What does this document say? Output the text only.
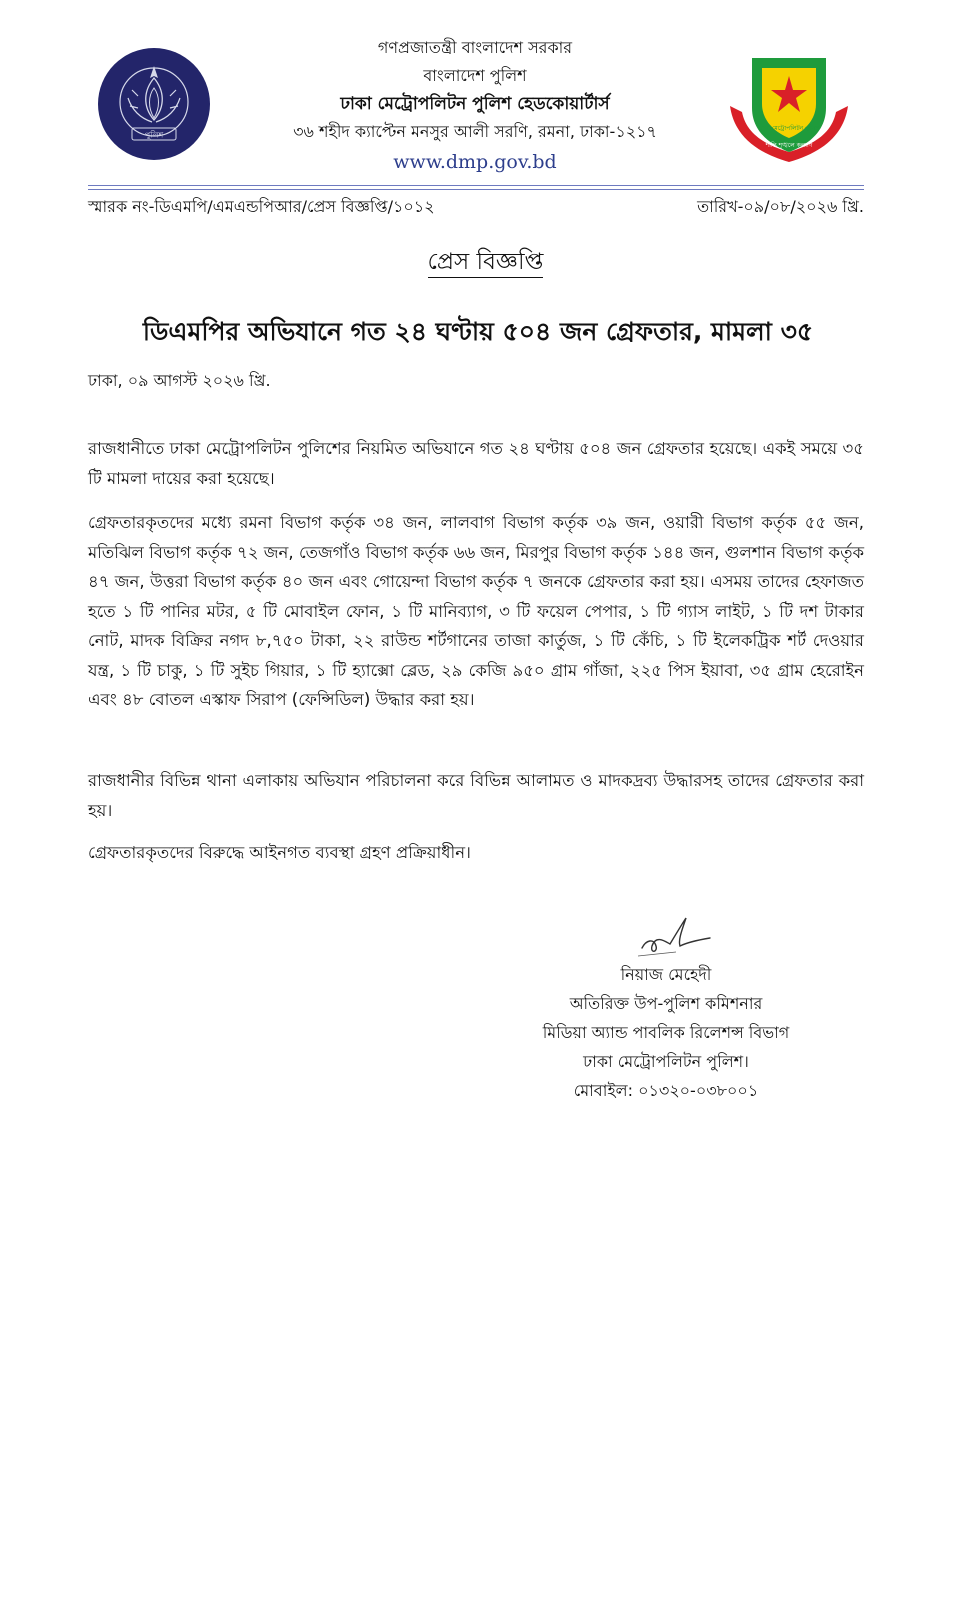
পুলিশ
গণপ্রজাতন্ত্রী বাংলাদেশ সরকার
বাংলাদেশ পুলিশ
ঢাকা মেট্রোপলিটন পুলিশ হেডকোয়ার্টার্স
৩৬ শহীদ ক্যাপ্টেন মনসুর আলী সরণি, রমনা, ঢাকা-১২১৭
www.dmp.gov.bd
ঢাকা মেট্রোপলিটন পুলিশ
শান্তি শৃঙ্খলে কল্যাণ
স্মারক নং-ডিএমপি/এমএন্ডপিআর/প্রেস বিজ্ঞপ্তি/১০১২	তারিখ-০৯/০৮/২০২৬ খ্রি.
প্রেস বিজ্ঞপ্তি
ডিএমপির অভিযানে গত ২৪ ঘণ্টায় ৫০৪ জন গ্রেফতার, মামলা ৩৫
ঢাকা, ০৯ আগস্ট ২০২৬ খ্রি.
রাজধানীতে ঢাকা মেট্রোপলিটন পুলিশের নিয়মিত অভিযানে গত ২৪ ঘণ্টায় ৫০৪ জন গ্রেফতার হয়েছে। একই সময়ে ৩৫ টি মামলা দায়ের করা হয়েছে।
গ্রেফতারকৃতদের মধ্যে রমনা বিভাগ কর্তৃক ৩৪ জন, লালবাগ বিভাগ কর্তৃক ৩৯ জন, ওয়ারী বিভাগ কর্তৃক ৫৫ জন, মতিঝিল বিভাগ কর্তৃক ৭২ জন, তেজগাঁও বিভাগ কর্তৃক ৬৬ জন, মিরপুর বিভাগ কর্তৃক ১৪৪ জন, গুলশান বিভাগ কর্তৃক ৪৭ জন, উত্তরা বিভাগ কর্তৃক ৪০ জন এবং গোয়েন্দা বিভাগ কর্তৃক ৭ জনকে গ্রেফতার করা হয়। এসময় তাদের হেফাজত হতে ১ টি পানির মটর, ৫ টি মোবাইল ফোন, ১ টি মানিব্যাগ, ৩ টি ফয়েল পেপার, ১ টি গ্যাস লাইট, ১ টি দশ টাকার নোট, মাদক বিক্রির নগদ ৮,৭৫০ টাকা, ২২ রাউন্ড শর্টগানের তাজা কার্তুজ, ১ টি কেঁচি, ১ টি ইলেকট্রিক শর্ট দেওয়ার যন্ত্র, ১ টি চাকু, ১ টি সুইচ গিয়ার, ১ টি হ্যাক্সো ব্লেড, ২৯ কেজি ৯৫০ গ্রাম গাঁজা, ২২৫ পিস ইয়াবা, ৩৫ গ্রাম হেরোইন এবং ৪৮ বোতল এস্কাফ সিরাপ (ফেন্সিডিল) উদ্ধার করা হয়।
রাজধানীর বিভিন্ন থানা এলাকায় অভিযান পরিচালনা করে বিভিন্ন আলামত ও মাদকদ্রব্য উদ্ধারসহ তাদের গ্রেফতার করা হয়।
গ্রেফতারকৃতদের বিরুদ্ধে আইনগত ব্যবস্থা গ্রহণ প্রক্রিয়াধীন।
নিয়াজ মেহেদী
অতিরিক্ত উপ-পুলিশ কমিশনার
মিডিয়া অ্যান্ড পাবলিক রিলেশন্স বিভাগ
ঢাকা মেট্রোপলিটন পুলিশ।
মোবাইল: ০১৩২০-০৩৮০০১
